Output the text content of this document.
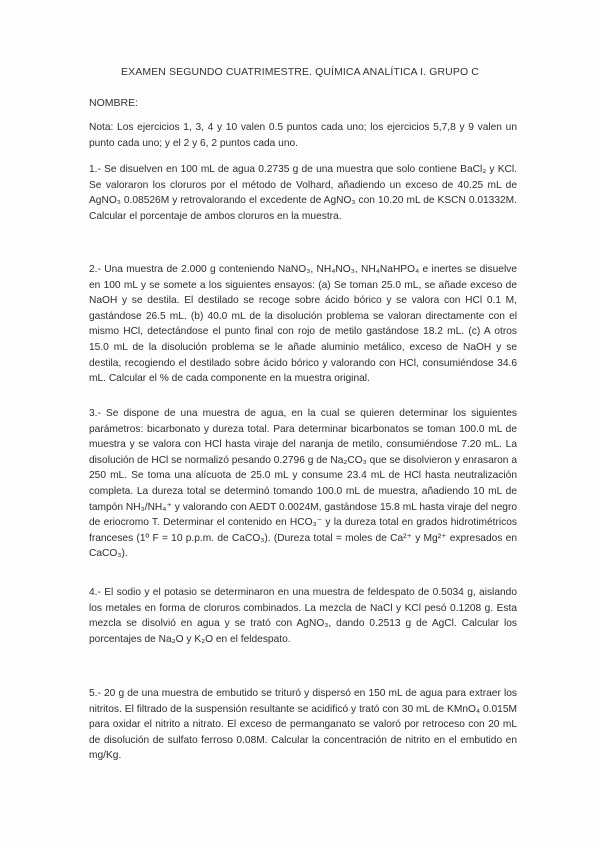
EXAMEN SEGUNDO CUATRIMESTRE. QUÍMICA ANALÍTICA I. GRUPO C
NOMBRE:

Nota: Los ejercicios 1, 3, 4 y 10 valen 0.5 puntos cada uno; los ejercicios 5,7,8 y 9 valen un punto cada uno; y el 2 y 6, 2 puntos cada uno.

1.- Se disuelven en 100 mL de agua 0.2735 g de una muestra que solo contiene BaCl₂ y KCl. Se valoraron los cloruros por el método de Volhard, añadiendo un exceso de 40.25 mL de AgNO₃ 0.08526M y retrovalorando el excedente de AgNO₃ con 10.20 mL de KSCN 0.01332M. Calcular el porcentaje de ambos cloruros en la muestra.

2.- Una muestra de 2.000 g conteniendo NaNO₃, NH₄NO₃, NH₄NaHPO₄ e inertes se disuelve en 100 mL y se somete a los siguientes ensayos: (a) Se toman 25.0 mL, se añade exceso de NaOH y se destila. El destilado se recoge sobre ácido bórico y se valora con HCl 0.1 M, gastándose 26.5 mL. (b) 40.0 mL de la disolución problema se valoran directamente con el mismo HCl, detectándose el punto final con rojo de metilo gastándose 18.2 mL. (c) A otros 15.0 mL de la disolución problema se le añade aluminio metálico, exceso de NaOH y se destila, recogiendo el destilado sobre ácido bórico y valorando con HCl, consumiéndose 34.6 mL. Calcular el % de cada componente en la muestra original.

3.- Se dispone de una muestra de agua, en la cual se quieren determinar los siguientes parámetros: bicarbonato y dureza total. Para determinar bicarbonatos se toman 100.0 mL de muestra y se valora con HCl hasta viraje del naranja de metilo, consumiéndose 7.20 mL. La disolución de HCl se normalizó pesando 0.2796 g de Na₂CO₃ que se disolvieron y enrasaron a 250 mL. Se toma una alícuota de 25.0 mL y consume 23.4 mL de HCl hasta neutralización completa. La dureza total se determinó tomando 100.0 mL de muestra, añadiendo 10 mL de tampón NH₃/NH₄⁺ y valorando con AEDT 0.0024M, gastándose 15.8 mL hasta viraje del negro de eriocromo T. Determinar el contenido en HCO₃⁻ y la dureza total en grados hidrotimétricos franceses (1º F = 10 p.p.m. de CaCO₃). (Dureza total = moles de Ca²⁺ y Mg²⁺ expresados en CaCO₃).

4.- El sodio y el potasio se determinaron en una muestra de feldespato de 0.5034 g, aislando los metales en forma de cloruros combinados. La mezcla de NaCl y KCl pesó 0.1208 g. Esta mezcla se disolvió en agua y se trató con AgNO₃, dando 0.2513 g de AgCl. Calcular los porcentajes de Na₂O y K₂O en el feldespato.

5.- 20 g de una muestra de embutido se trituró y dispersó en 150 mL de agua para extraer los nitritos. El filtrado de la suspensión resultante se acidificó y trató con 30 mL de KMnO₄ 0.015M para oxidar el nitrito a nitrato. El exceso de permanganato se valoró por retroceso con 20 mL de disolución de sulfato ferroso 0.08M. Calcular la concentración de nitrito en el embutido en mg/Kg.
